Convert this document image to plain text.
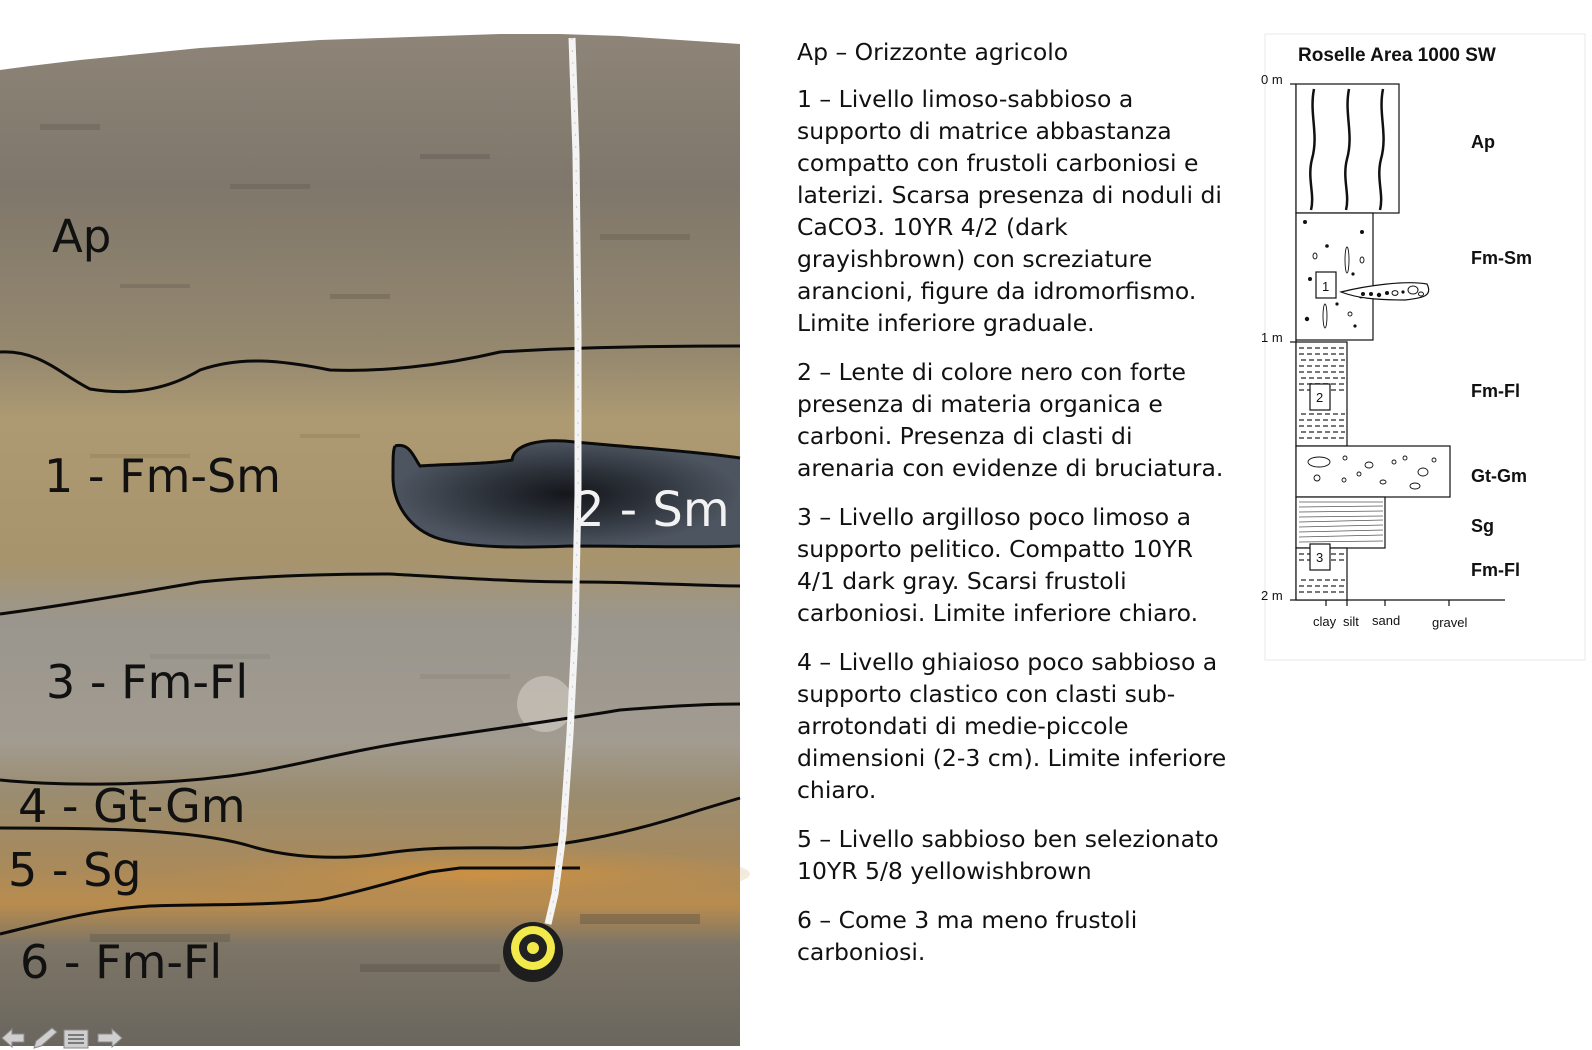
Ap
1 - Fm-Sm
3 - Fm-Fl
4 - Gt-Gm
5 - Sg
6 - Fm-Fl
2 - Sm

Ap – Orizzonte agricolo

1 – Livello limoso-sabbioso a supporto di matrice abbastanza compatto con frustoli carboniosi e laterizi. Scarsa presenza di noduli di CaCO3. 10YR 4/2 (dark grayishbrown) con screziature arancioni, figure da idromorfismo. Limite inferiore graduale.

2 – Lente di colore nero con forte presenza di materia organica e carboni. Presenza di clasti di arenaria con evidenze di bruciatura.

3 – Livello argilloso poco limoso a supporto pelitico. Compatto 10YR 4/1 dark gray. Scarsi frustoli carboniosi. Limite inferiore chiaro.

4 – Livello ghiaioso poco sabbioso a supporto clastico con clasti sub-arrotondati di medie-piccole dimensioni (2-3 cm). Limite inferiore chiaro.

5 – Livello sabbioso ben selezionato 10YR 5/8 yellowishbrown

6 – Come 3 ma meno frustoli carboniosi.

Roselle Area 1000 SW
0 m
1 m
2 m
1
2
3
Ap
Fm-Sm
Fm-Fl
Gt-Gm
Sg
Fm-Fl
clay silt sand gravel
